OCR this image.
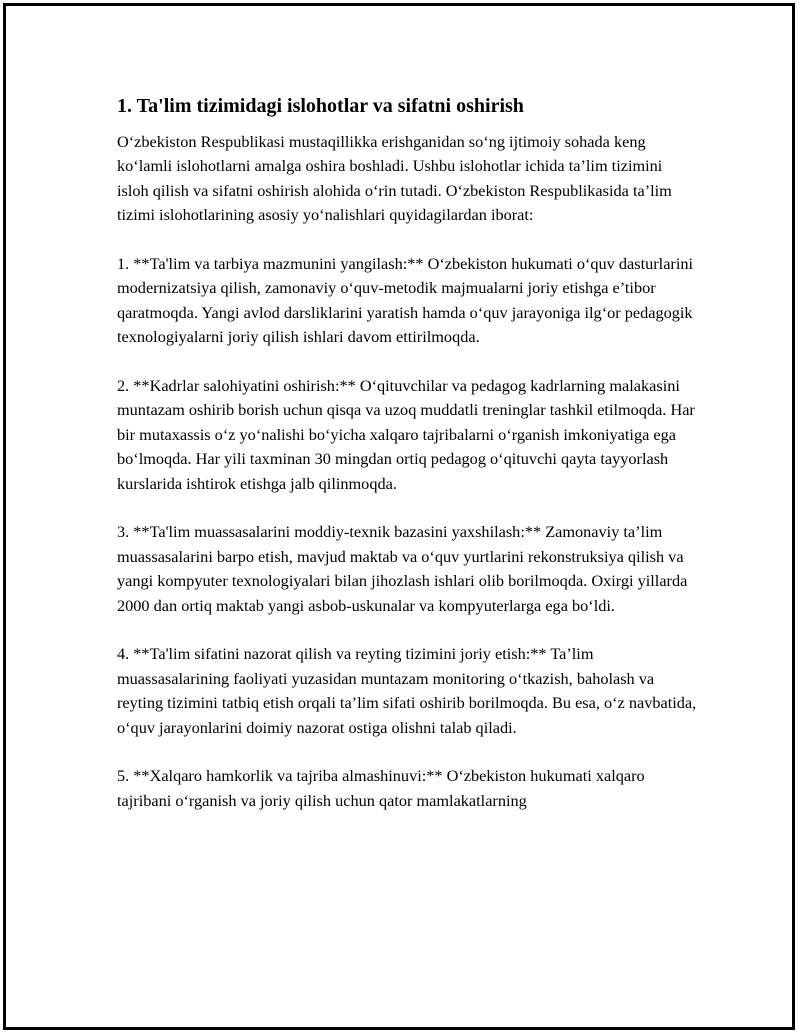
1. Ta'lim tizimidagi islohotlar va sifatni oshirish

O‘zbekiston Respublikasi mustaqillikka erishganidan so‘ng ijtimoiy sohada keng ko‘lamli islohotlarni amalga oshira boshladi. Ushbu islohotlar ichida ta’lim tizimini isloh qilish va sifatni oshirish alohida o‘rin tutadi. O‘zbekiston Respublikasida ta’lim tizimi islohotlarining asosiy yo‘nalishlari quyidagilardan iborat:

1. **Ta'lim va tarbiya mazmunini yangilash:** O‘zbekiston hukumati o‘quv dasturlarini modernizatsiya qilish, zamonaviy o‘quv-metodik majmualarni joriy etishga e’tibor qaratmoqda. Yangi avlod darsliklarini yaratish hamda o‘quv jarayoniga ilg‘or pedagogik texnologiyalarni joriy qilish ishlari davom ettirilmoqda.

2. **Kadrlar salohiyatini oshirish:** O‘qituvchilar va pedagog kadrlarning malakasini muntazam oshirib borish uchun qisqa va uzoq muddatli treninglar tashkil etilmoqda. Har bir mutaxassis o‘z yo‘nalishi bo‘yicha xalqaro tajribalarni o‘rganish imkoniyatiga ega bo‘lmoqda. Har yili taxminan 30 mingdan ortiq pedagog o‘qituvchi qayta tayyorlash kurslarida ishtirok etishga jalb qilinmoqda.

3. **Ta'lim muassasalarini moddiy-texnik bazasini yaxshilash:** Zamonaviy ta’lim muassasalarini barpo etish, mavjud maktab va o‘quv yurtlarini rekonstruksiya qilish va yangi kompyuter texnologiyalari bilan jihozlash ishlari olib borilmoqda. Oxirgi yillarda 2000 dan ortiq maktab yangi asbob-uskunalar va kompyuterlarga ega bo‘ldi.

4. **Ta'lim sifatini nazorat qilish va reyting tizimini joriy etish:** Ta’lim muassasalarining faoliyati yuzasidan muntazam monitoring o‘tkazish, baholash va reyting tizimini tatbiq etish orqali ta’lim sifati oshirib borilmoqda. Bu esa, o‘z navbatida, o‘quv jarayonlarini doimiy nazorat ostiga olishni talab qiladi.

5. **Xalqaro hamkorlik va tajriba almashinuvi:** O‘zbekiston hukumati xalqaro tajribani o‘rganish va joriy qilish uchun qator mamlakatlarning
